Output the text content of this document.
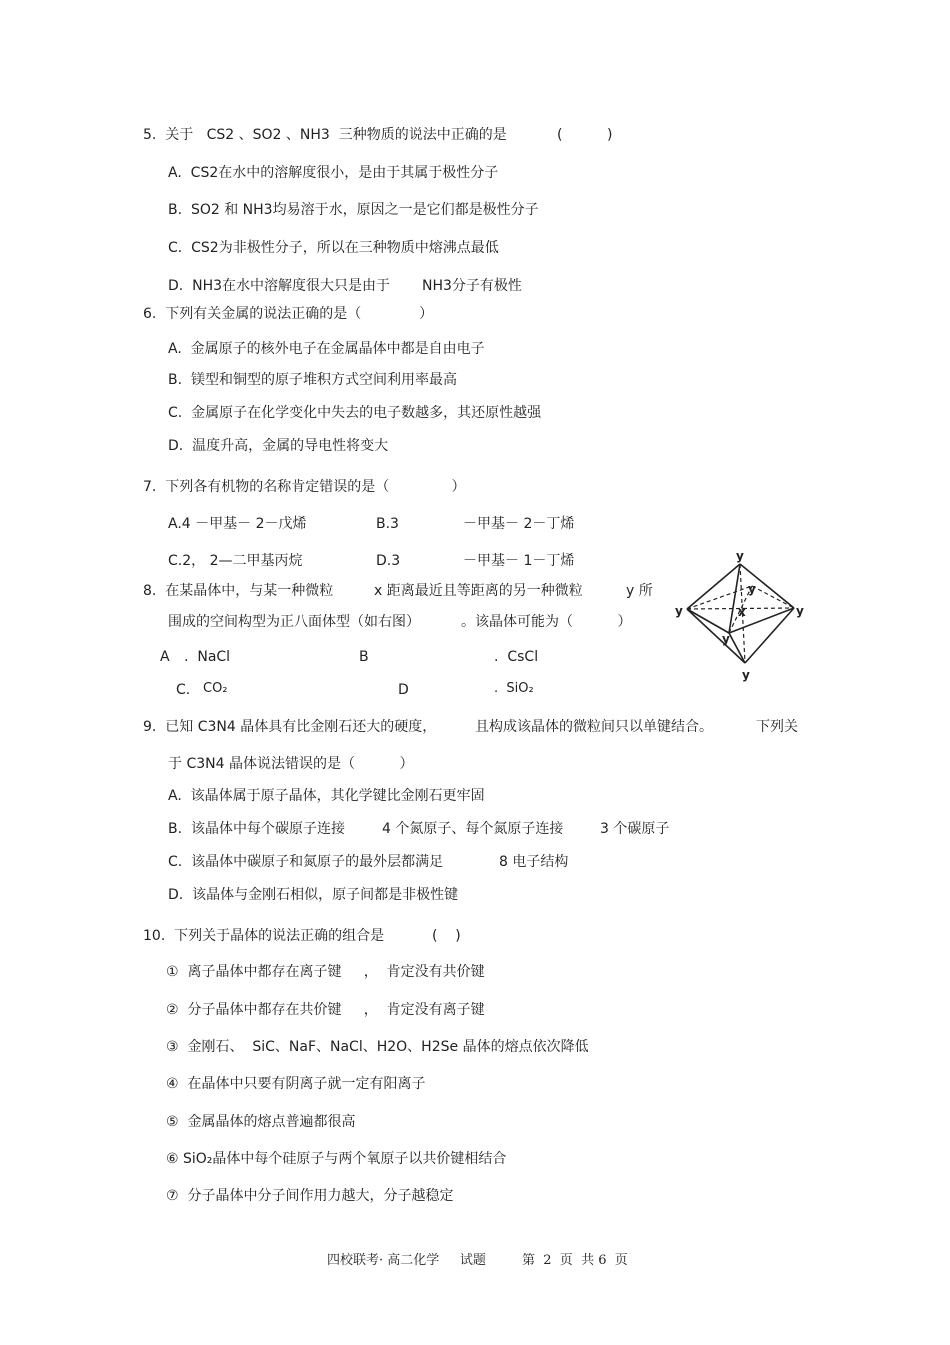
5.  关于   CS2 、SO2 、NH3  三种物质的说法中正确的是	(          )
A.  CS2在水中的溶解度很小，是由于其属于极性分子
B.  SO2 和 NH3均易溶于水，原因之一是它们都是极性分子
C.  CS2为非极性分子，所以在三种物质中熔沸点最低
D.  NH3在水中溶解度很大只是由于 NH3分子有极性
6.  下列有关金属的说法正确的是（             ）
A.  金属原子的核外电子在金属晶体中都是自由电子
B.  镁型和铜型的原子堆积方式空间利用率最高
C.  金属原子在化学变化中失去的电子数越多，其还原性越强
D.  温度升高，金属的导电性将变大
7.  下列各有机物的名称肯定错误的是（              ）
A.4 －甲基－ 2－戊烯	B.3	－甲基－ 2－丁烯
C.2， 2—二甲基丙烷	D.3	－甲基－ 1－丁烯
8.  在某晶体中，与某一种微粒	x 距离最近且等距离的另一种微粒	y 所
围成的空间构型为正八面体型（如右图）	。该晶体可能为（          ）
A .  NaCl	B	.  CsCl
C. CO₂	D	.  SiO₂
y
y	y
y
y
y
x
9.  已知 C3N4 晶体具有比金刚石还大的硬度，	且构成该晶体的微粒间只以单键结合。	下列关
于 C3N4 晶体说法错误的是（          ）
A.  该晶体属于原子晶体，其化学键比金刚石更牢固
B.  该晶体中每个碳原子连接	4 个氮原子、每个氮原子连接	3 个碳原子
C.  该晶体中碳原子和氮原子的最外层都满足	8 电子结构
D.  该晶体与金刚石相似，原子间都是非极性键
10.  下列关于晶体的说法正确的组合是	(    )
①  离子晶体中都存在离子键     ，  肯定没有共价键
②  分子晶体中都存在共价键     ，  肯定没有离子键
③  金刚石、  SiC、NaF、NaCl、H2O、H2Se 晶体的熔点依次降低
④  在晶体中只要有阴离子就一定有阳离子
⑤  金属晶体的熔点普遍都很高
⑥ SiO₂晶体中每个硅原子与两个氧原子以共价键相结合
⑦  分子晶体中分子间作用力越大，分子越稳定
四校联考· 高二化学     试题	第  2  页  共 6  页
